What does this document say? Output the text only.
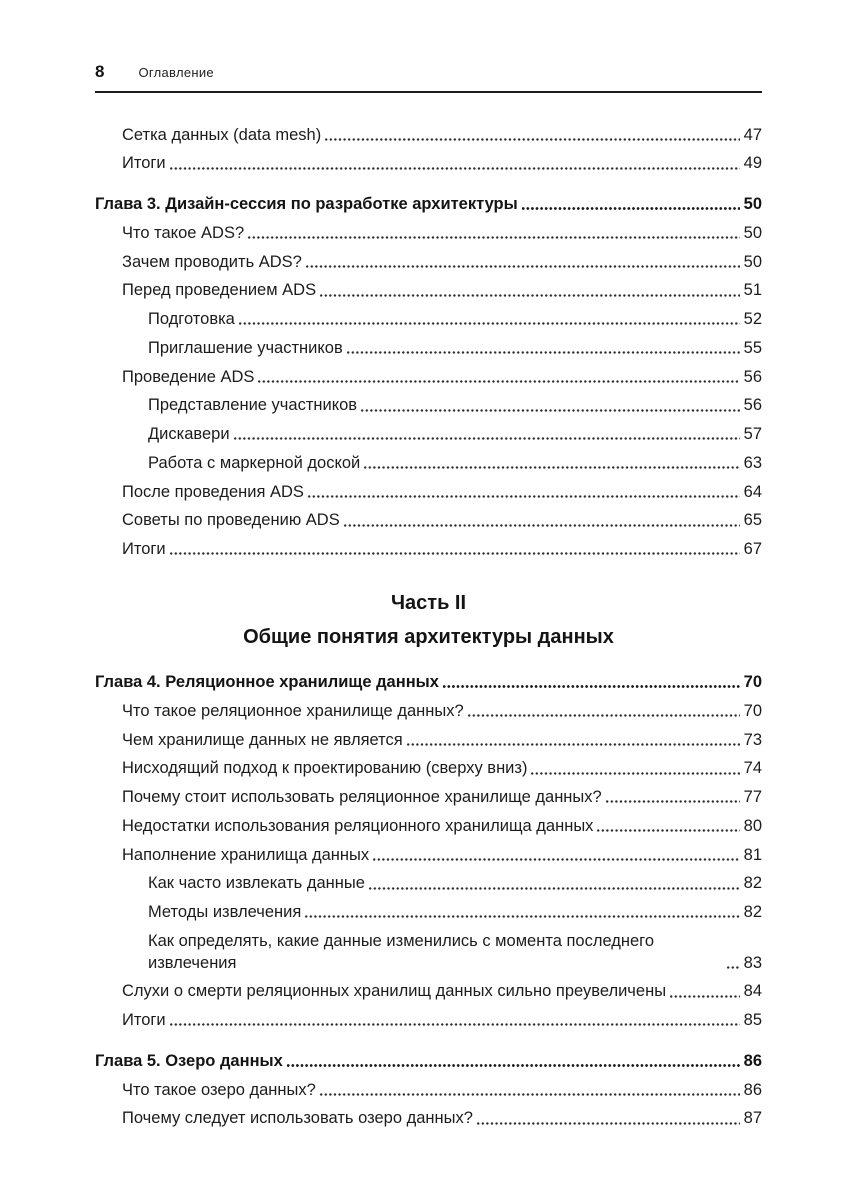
8	Оглавление
Сетка данных (data mesh)	47
Итоги	49
Глава 3. Дизайн-сессия по разработке архитектуры	50
Что такое ADS?	50
Зачем проводить ADS?	50
Перед проведением ADS	51
Подготовка	52
Приглашение участников	55
Проведение ADS	56
Представление участников	56
Дискавери	57
Работа с маркерной доской	63
После проведения ADS	64
Советы по проведению ADS	65
Итоги	67
Часть II
Общие понятия архитектуры данных
Глава 4. Реляционное хранилище данных	70
Что такое реляционное хранилище данных?	70
Чем хранилище данных не является	73
Нисходящий подход к проектированию (сверху вниз)	74
Почему стоит использовать реляционное хранилище данных?	77
Недостатки использования реляционного хранилища данных	80
Наполнение хранилища данных	81
Как часто извлекать данные	82
Методы извлечения	82
Как определять, какие данные изменились с момента последнего извлечения	83
Слухи о смерти реляционных хранилищ данных сильно преувеличены	84
Итоги	85
Глава 5. Озеро данных	86
Что такое озеро данных?	86
Почему следует использовать озеро данных?	87
